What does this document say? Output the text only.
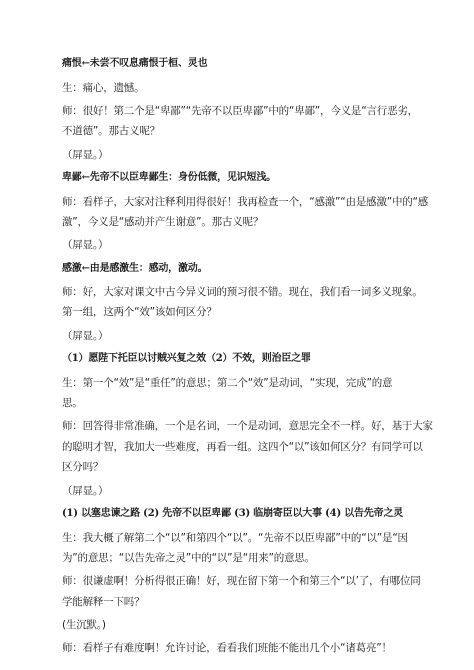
痛恨←未尝不叹息痛恨于桓、灵也
生：痛心，遗憾。
师：很好！第二个是“卑鄙”“先帝不以臣卑鄙”中的“卑鄙”，今义是“言行恶劣，
不道德”。那古义呢？
（屏显。）
卑鄙←先帝不以臣卑鄙生：身份低微，见识短浅。
师：看样子，大家对注释利用得很好！我再检查一个，“感激”“由是感激”中的“感
激”，今义是“感动并产生谢意”。那古义呢？
（屏显。）
感激←由是感激生：感动，激动。
师：好，大家对课文中古今异义词的预习很不错。现在，我们看一词多义现象。
第一组，这两个“效”该如何区分？
（屏显。）
（1）愿陛下托臣以讨贼兴复之效（2）不效，则治臣之罪
生：第一个“效”是“重任”的意思；第二个“效”是动词，“实现，完成”的意
思。
师：回答得非常准确，一个是名词，一个是动词，意思完全不一样。好，基于大家
的聪明才智，我加大一些难度，再看一组。这四个“以”该如何区分？有同学可以
区分吗？
（屏显。）
(1) 以塞忠谏之路 (2) 先帝不以臣卑鄙 (3) 临崩寄臣以大事 (4) 以告先帝之灵
生：我大概了解第二个“以”和第四个“以”。“先帝不以臣卑鄙”中的“以”是“因
为”的意思；“以告先帝之灵”中的“以”是“用来”的意思。
师：很谦虚啊！分析得很正确！好，现在留下第一个和第三个“以’了，有哪位同
学能解释一下吗？
(生沉默。)
师：看样子有难度啊！允许讨论，看看我们班能不能出几个小“诸葛亮”！
